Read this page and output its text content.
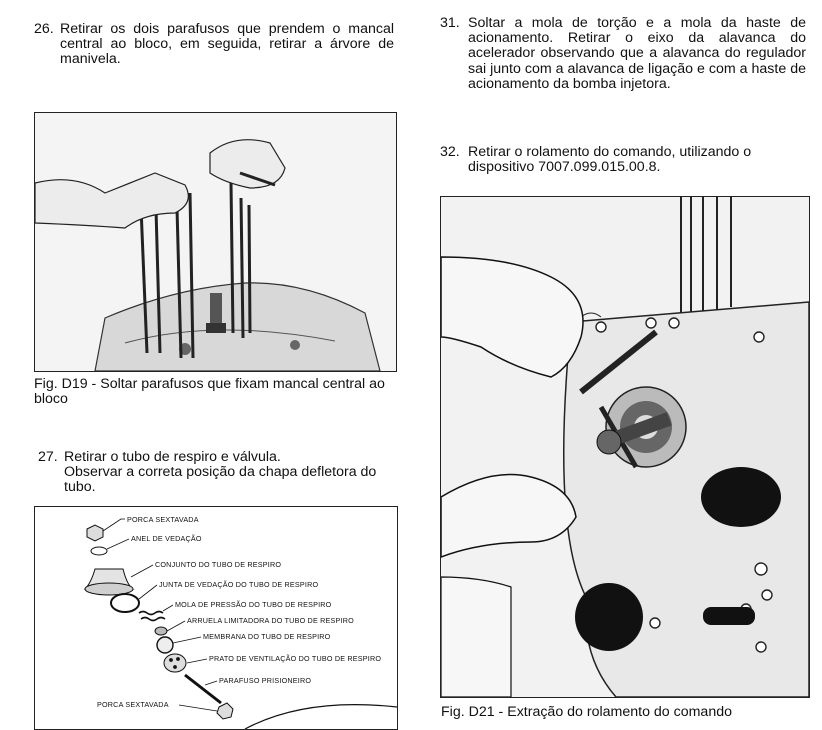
26. Retirar os dois parafusos que prendem o mancal central ao bloco, em seguida, retirar a árvore de manivela.
Fig. D19 - Soltar parafusos que fixam mancal central ao bloco
27. Retirar o tubo de respiro e válvula.
Observar a correta posição da chapa defletora do tubo.
PORCA SEXTAVADA
ANEL DE VEDAÇÃO
CONJUNTO DO TUBO DE RESPIRO
JUNTA DE VEDAÇÃO DO TUBO DE RESPIRO
MOLA DE PRESSÃO DO TUBO DE RESPIRO
ARRUELA LIMITADORA DO TUBO DE RESPIRO
MEMBRANA DO TUBO DE RESPIRO
PRATO DE VENTILAÇÃO DO TUBO DE RESPIRO
PARAFUSO PRISIONEIRO
PORCA SEXTAVADA
31. Soltar a mola de torção e a mola da haste de acionamento. Retirar o eixo da alavanca do acelerador observando que a alavanca do regulador sai junto com a alavanca de ligação e com a haste de acionamento da bomba injetora.
32. Retirar o rolamento do comando, utilizando o dispositivo 7007.099.015.00.8.
Fig. D21 - Extração do rolamento do comando
